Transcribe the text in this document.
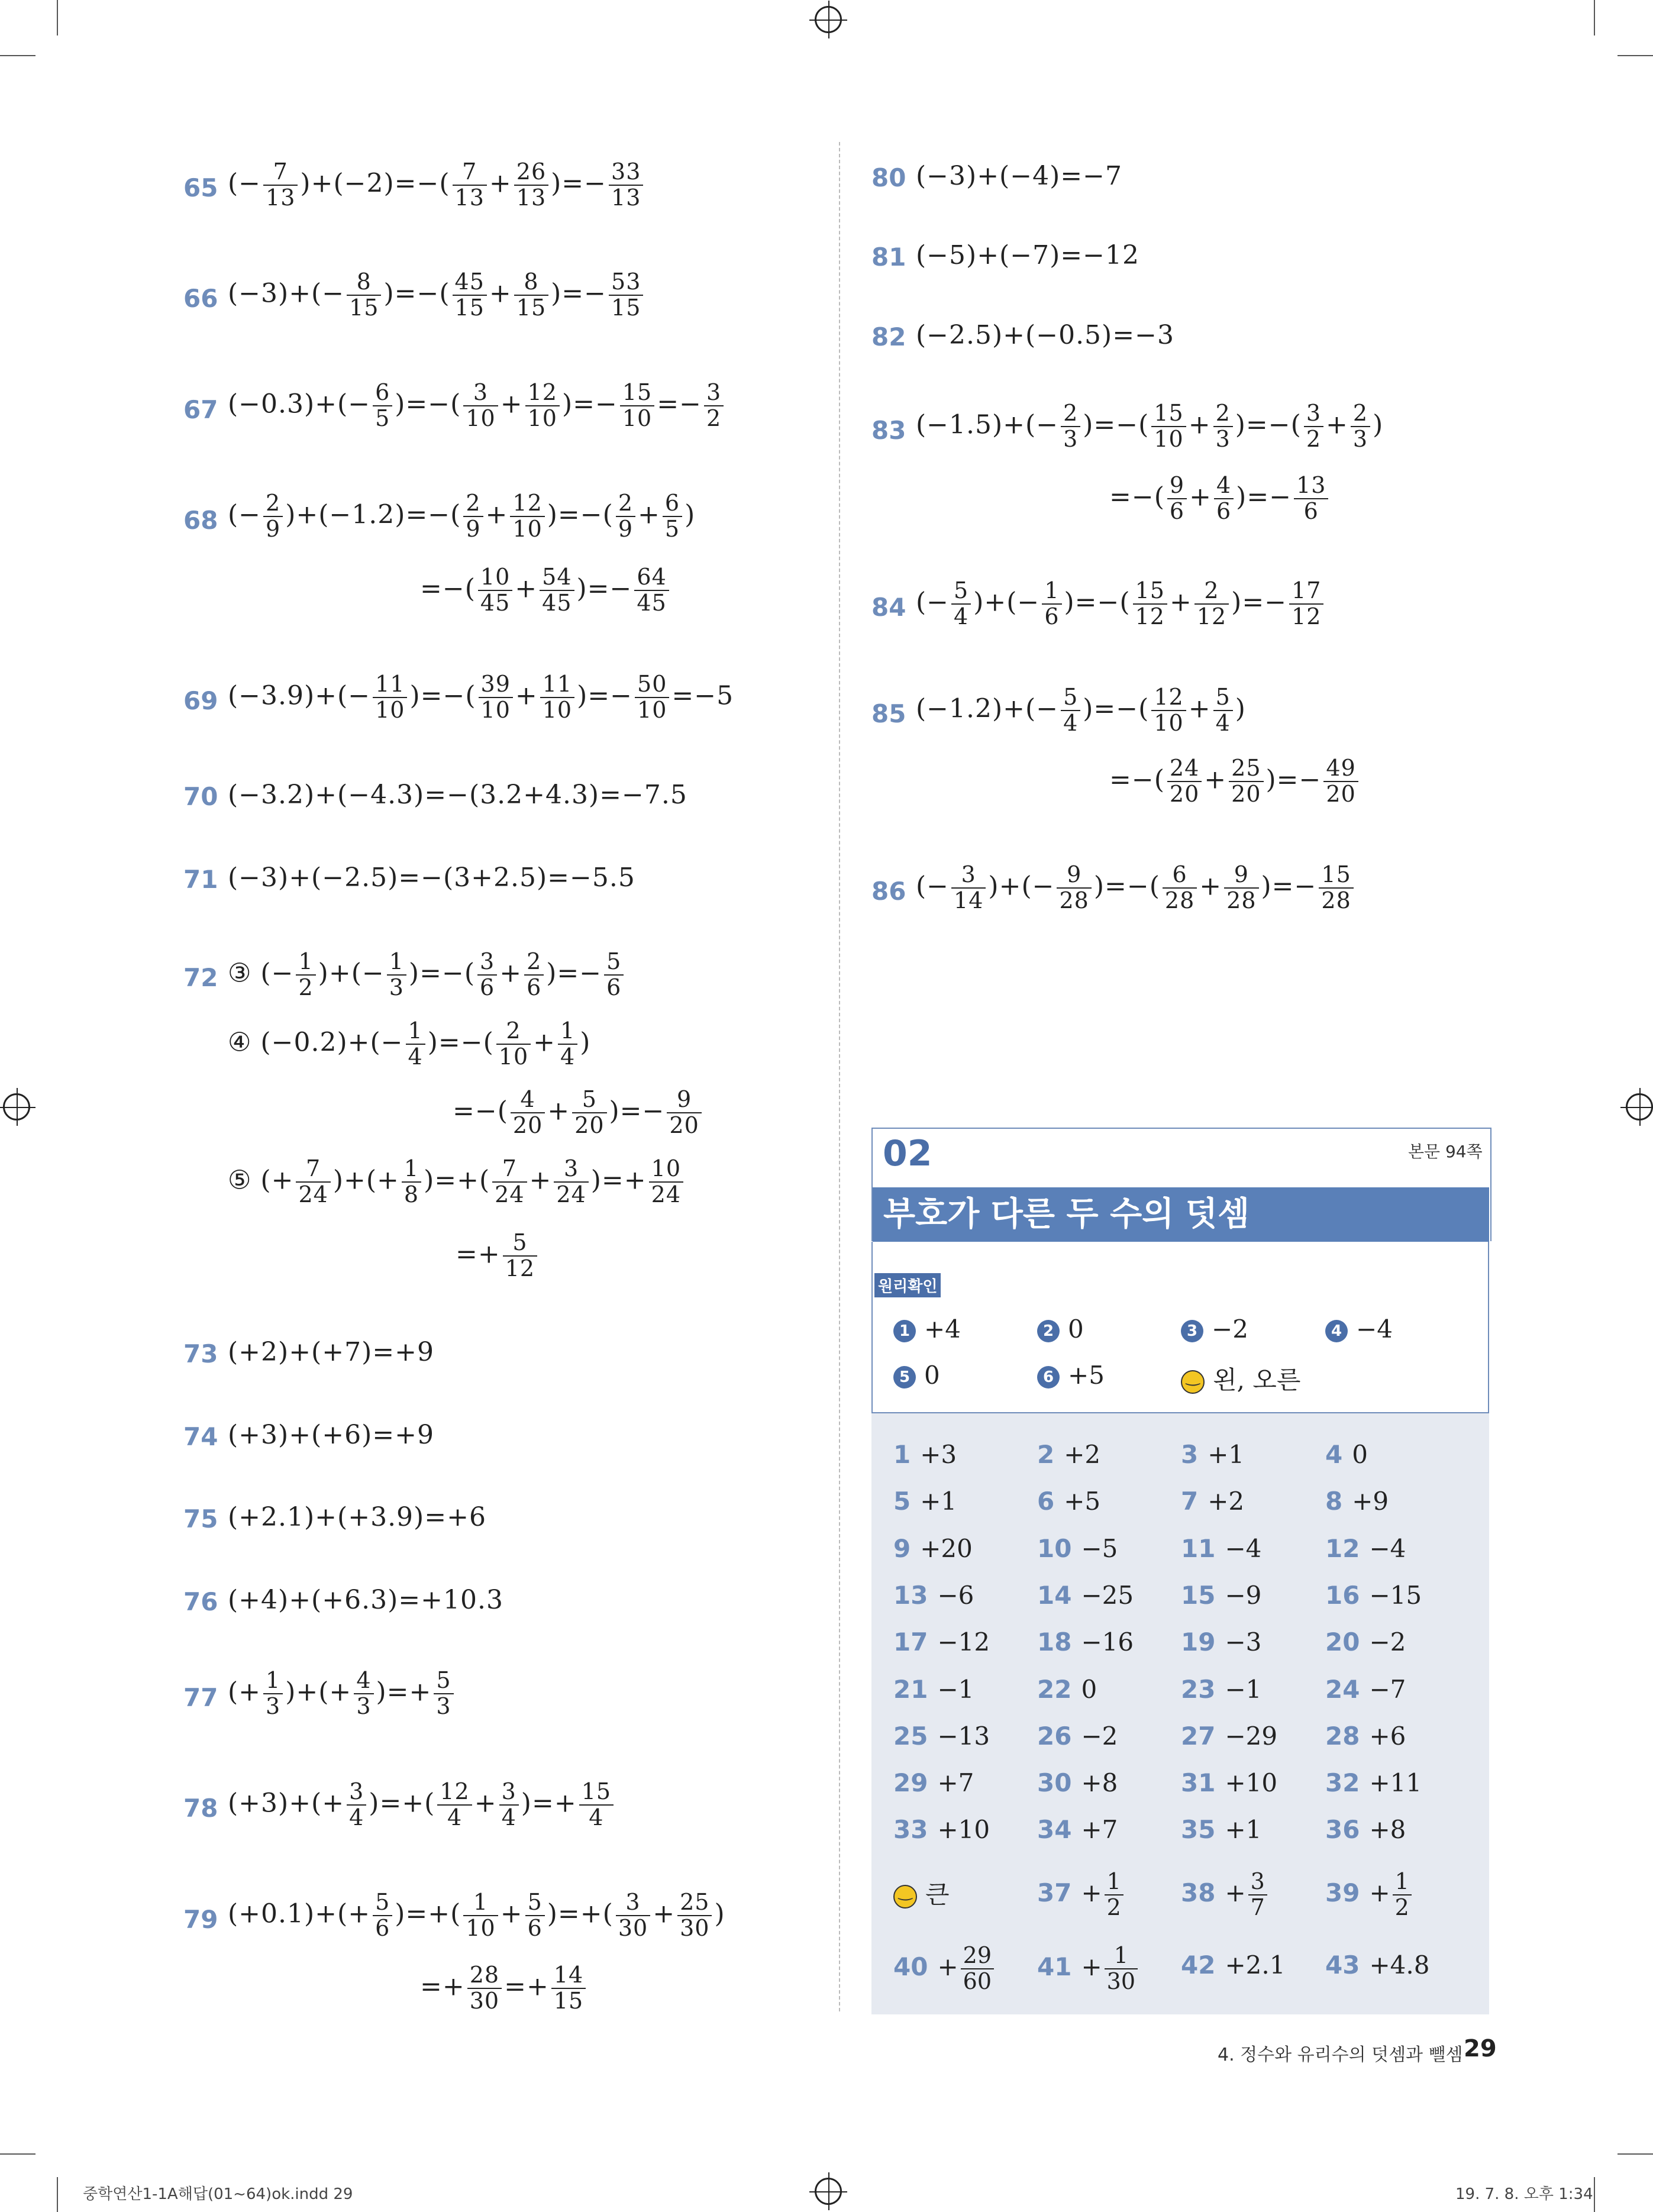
65 (− $\frac{7}{13} )+(-2)=-( \frac{7}{13} + \frac{26}{13}$ )=− $\frac{33}{13}$
66 $(-3)+(- \frac{8}{15}$ )=−( $\frac{45}{15} + \frac{8}{15}$ )=− $\frac{53}{15}$
67 $(-0.3)+(- \frac{6}{5}$ )=−( $\frac{3}{10} + \frac{12}{10}$ )=− $\frac{15}{10} =- \frac{3}{2}$
68 (− $\frac{2}{9} )+(-1.2)=-( \frac{2}{9} + \frac{12}{10}$ )=−( $\frac{2}{9} + \frac{6}{5}$ )
=−( $\frac{10}{45} + \frac{54}{45}$ )=− $\frac{64}{45}$
69 $(-3.9)+(- \frac{11}{10}$ )=−( $\frac{39}{10} + \frac{11}{10}$ )=− $\frac{50}{10} =-5$
70 (−3.2)+(−4.3)=−(3.2+4.3)=−7.5
71 (−3)+(−2.5)=−(3+2.5)=−5.5
72 ③ (− $\frac{1}{2}$ )+(− $\frac{1}{3}$ )=−( $\frac{3}{6} + \frac{2}{6}$ )=− $\frac{5}{6}$
④ $(-0.2)+(- \frac{1}{4}$ )=−( $\frac{2}{10} + \frac{1}{4}$ )
=−( $\frac{4}{20} + \frac{5}{20}$ )=− $\frac{9}{20}$
⑤ (+ $\frac{7}{24}$ )+(+ $\frac{1}{8}$ )=+( $\frac{7}{24} + \frac{3}{24}$ )=+ $\frac{10}{24}$
=+ $\frac{5}{12}$
73 (+2)+(+7)=+9
74 (+3)+(+6)=+9
75 (+2.1)+(+3.9)=+6
76 (+4)+(+6.3)=+10.3
77 (+ $\frac{1}{3}$ )+(+ $\frac{4}{3}$ )=+ $\frac{5}{3}$
78 $(+3)+(+ \frac{3}{4}$ )=+( $\frac{12}{4} + \frac{3}{4}$ )=+ $\frac{15}{4}$
79 $(+0.1)+(+ \frac{5}{6}$ )=+( $\frac{1}{10} + \frac{5}{6}$ )=+( $\frac{3}{30} + \frac{25}{30}$ )
=+ $\frac{28}{30} =+ \frac{14}{15}$
80 (−3)+(−4)=−7
81 (−5)+(−7)=−12
82 (−2.5)+(−0.5)=−3
83 $(-1.5)+(- \frac{2}{3}$ )=−( $\frac{15}{10} + \frac{2}{3}$ )=−( $\frac{3}{2} + \frac{2}{3}$ )
=−( $\frac{9}{6} + \frac{4}{6}$ )=− $\frac{13}{6}$
84 (− $\frac{5}{4}$ )+(− $\frac{1}{6}$ )=−( $\frac{15}{12} + \frac{2}{12}$ )=− $\frac{17}{12}$
85 $(-1.2)+(- \frac{5}{4}$ )=−( $\frac{12}{10} + \frac{5}{4}$ )
=−( $\frac{24}{20} + \frac{25}{20}$ )=− $\frac{49}{20}$
86 (− $\frac{3}{14}$ )+(− $\frac{9}{28}$ )=−( $\frac{6}{28} + \frac{9}{28}$ )=− $\frac{15}{28}$
02	본문 94쪽
부호가 다른 두 수의 덧셈
원리확인
1 +4	2 0	3 −2	4 −4
5 0	6 +5
‿	왼, 오른
1 +3	2 +2	3 +1	4 0
5 +1	6 +5	7 +2	8 +9
9 +20	10 −5	11 −4	12 −4
13 −6	14 −25 15 −9	16 −15
17 −12 18 −16 19 −3	20 −2
21 −1	22 0	23 −1	24 −7
25 −13 26 −2	27 −29 28 +6
29 +7	30 +8	31 +10 32 +11
33 +10 34 +7	35 +1	36 +8
‿큰	$37 + \frac{1}{2} 38 + \frac{3}{7} 39 + \frac{1}{2}$
$40 + \frac{29}{60} 41 + \frac{1}{30} 42 +2.1$ 43 +4.8
4. 정수와 유리수의 덧셈과 뺄셈 29
중학연산1-1A해답(01~64)ok.indd 29	19. 7. 8. 오후 1:34
